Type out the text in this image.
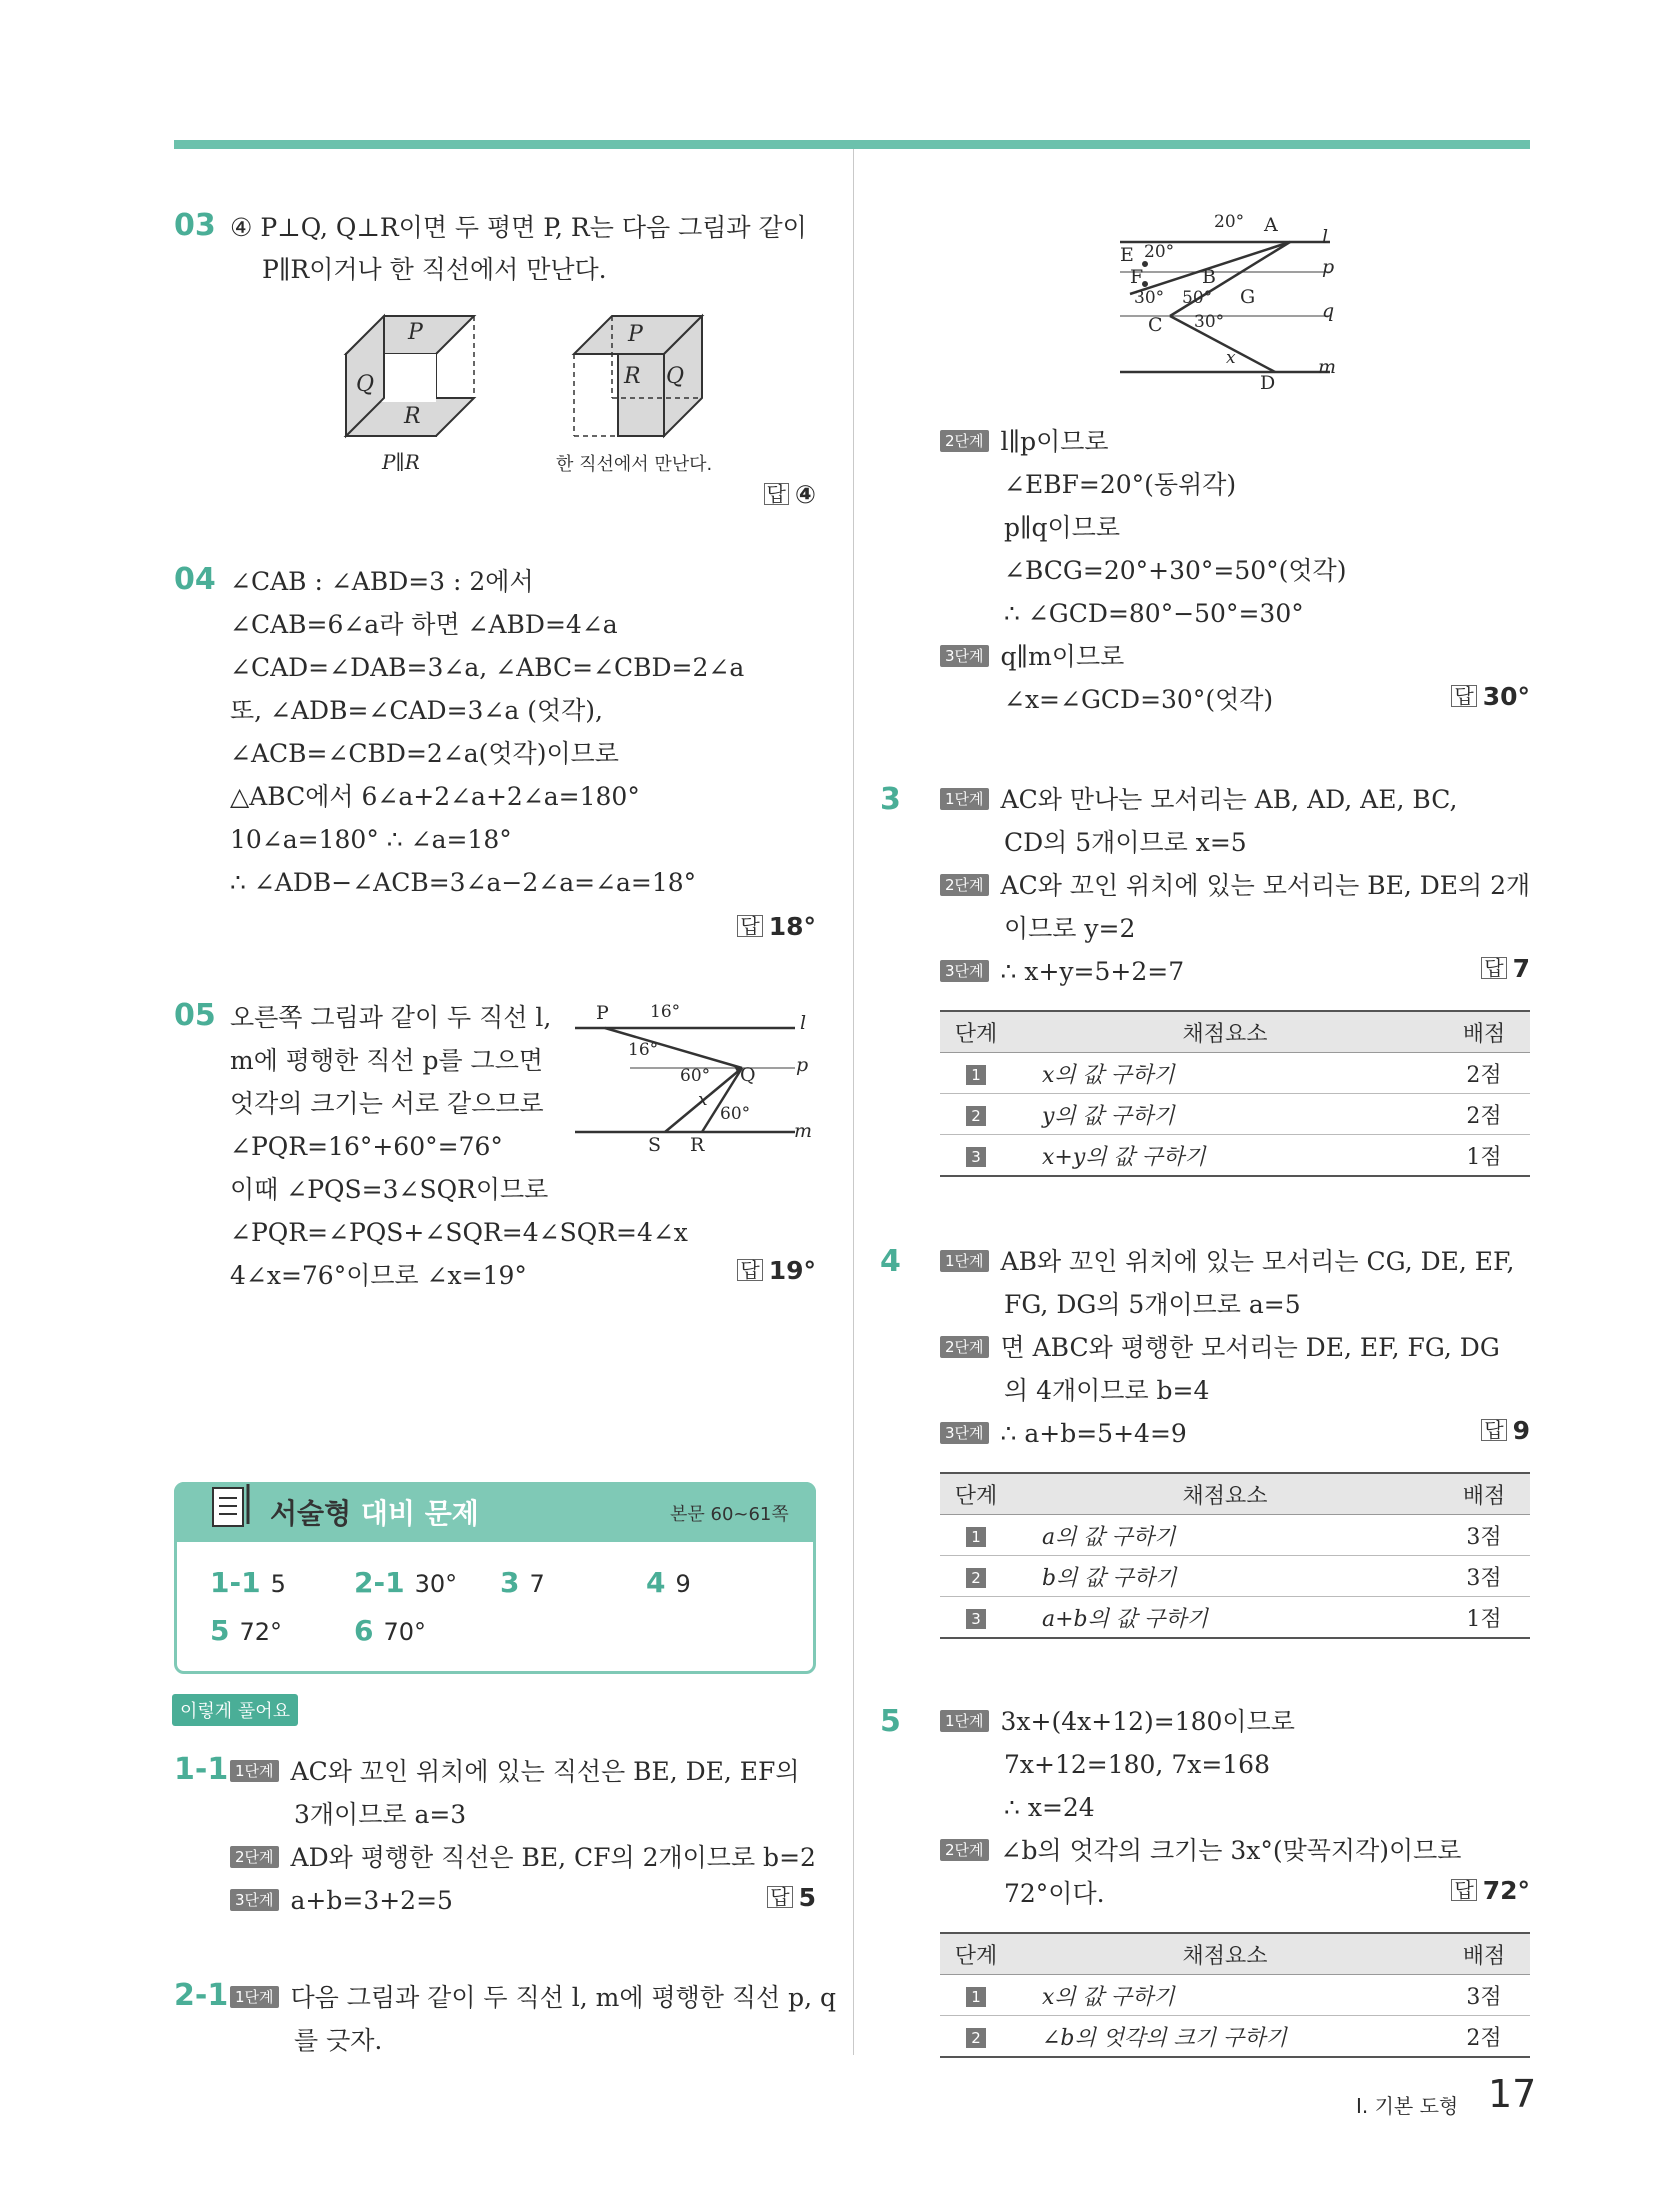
03 ④ P⊥Q, Q⊥R이면 두 평면 P, R는 다음 그림과 같이
P∥R이거나 한 직선에서 만난다.
P
Q
R
P∥R
P
R Q
한 직선에서 만난다.
답 ④
04 ∠CAB : ∠ABD=3 : 2에서
∠CAB=6∠a라 하면 ∠ABD=4∠a
∠CAD=∠DAB=3∠a, ∠ABC=∠CBD=2∠a
또, ∠ADB=∠CAD=3∠a (엇각),
∠ACB=∠CBD=2∠a(엇각)이므로
△ABC에서 6∠a+2∠a+2∠a=180°
10∠a=180° ∴ ∠a=18°
∴ ∠ADB−∠ACB=3∠a−2∠a=∠a=18°
답 18°
05 오른쪽 그림과 같이 두 직선 l,
m에 평행한 직선 p를 그으면
엇각의 크기는 서로 같으므로
∠PQR=16°+60°=76°
이때 ∠PQS=3∠SQR이므로
∠PQR=∠PQS+∠SQR=4∠SQR=4∠x
4∠x=76°이므로 ∠x=19°
P 16°	l
16°
p
60° Q
x
60°
m
S R
답 19°
서술형 대비 문제	본문 60~61쪽
1-1 5 2-1 30° 3 7	4 9
5 72°	6 70°
이렇게 풀어요
1-1 1단계 AC와 꼬인 위치에 있는 직선은 BE, DE, EF의
3개이므로 a=3
2단계 AD와 평행한 직선은 BE, CF의 2개이므로 b=2
3단계 a+b=3+2=5	답 5
2-1 1단계 다음 그림과 같이 두 직선 l, m에 평행한 직선 p, q
를 긋자.
20° A
l
E 20°
p
F	B
30° 50° G
q
C 30°
x	m
D
2단계 l∥p이므로
∠EBF=20°(동위각)
p∥q이므로
∠BCG=20°+30°=50°(엇각)
∴ ∠GCD=80°−50°=30°
3단계 q∥m이므로
∠x=∠GCD=30°(엇각)	답 30°
3	1단계 AC와 만나는 모서리는 AB, AD, AE, BC,
CD의 5개이므로 x=5
2단계 AC와 꼬인 위치에 있는 모서리는 BE, DE의 2개
이므로 y=2
3단계 ∴ x+y=5+2=7	답 7
단계	채점요소	배점
1	x의 값 구하기	2점
2	y의 값 구하기	2점
3	x+y의 값 구하기	1점
4	1단계 AB와 꼬인 위치에 있는 모서리는 CG, DE, EF,
FG, DG의 5개이므로 a=5
2단계 면 ABC와 평행한 모서리는 DE, EF, FG, DG
의 4개이므로 b=4
3단계 ∴ a+b=5+4=9	답 9
단계	채점요소	배점
1	a의 값 구하기	3점
2	b의 값 구하기	3점
3	a+b의 값 구하기	1점
5	1단계 3x+(4x+12)=180이므로
7x+12=180, 7x=168
∴ x=24
2단계 ∠b의 엇각의 크기는 3x°(맞꼭지각)이므로
72°이다.	답 72°
단계	채점요소	배점
1	x의 값 구하기	3점
2	∠b의 엇각의 크기 구하기	2점
I. 기본 도형 17
